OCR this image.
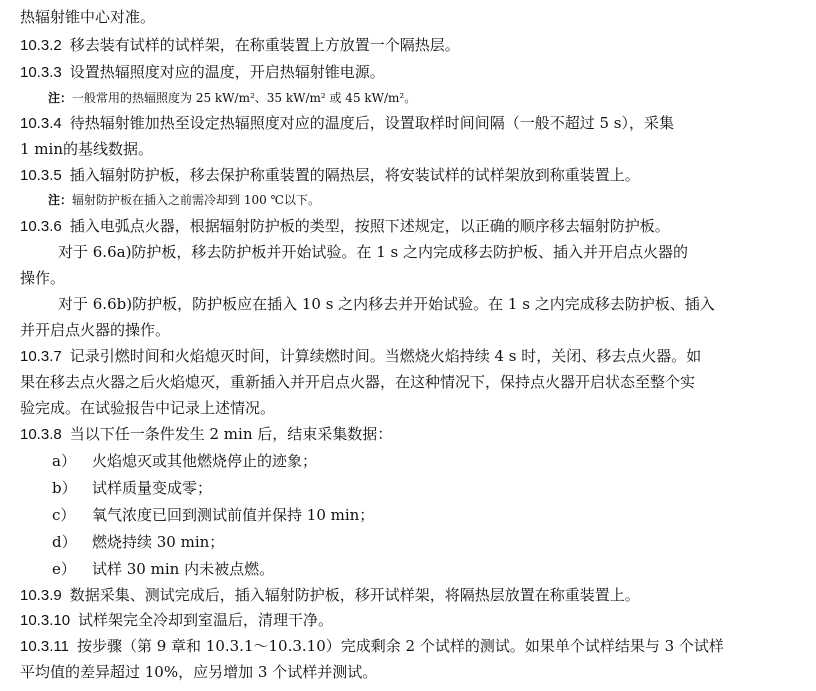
热辐射锥中心对准。
10.3.2 移去装有试样的试样架，在称重装置上方放置一个隔热层。
10.3.3 设置热辐照度对应的温度，开启热辐射锥电源。
注：一般常用的热辐照度为 25 kW/m²、35 kW/m² 或 45 kW/m²。
10.3.4 待热辐射锥加热至设定热辐照度对应的温度后，设置取样时间间隔（一般不超过 5 s），采集
1 min的基线数据。
10.3.5 插入辐射防护板，移去保护称重装置的隔热层，将安装试样的试样架放到称重装置上。
注：辐射防护板在插入之前需冷却到 100 ℃以下。
10.3.6 插入电弧点火器，根据辐射防护板的类型，按照下述规定，以正确的顺序移去辐射防护板。
对于 6.6a)防护板，移去防护板并开始试验。在 1 s 之内完成移去防护板、插入并开启点火器的
操作。
对于 6.6b)防护板，防护板应在插入 10 s 之内移去并开始试验。在 1 s 之内完成移去防护板、插入
并开启点火器的操作。
10.3.7 记录引燃时间和火焰熄灭时间，计算续燃时间。当燃烧火焰持续 4 s 时，关闭、移去点火器。如
果在移去点火器之后火焰熄灭，重新插入并开启点火器，在这种情况下，保持点火器开启状态至整个实
验完成。在试验报告中记录上述情况。
10.3.8 当以下任一条件发生 2 min 后，结束采集数据：
a） 火焰熄灭或其他燃烧停止的迹象；
b） 试样质量变成零；
c） 氧气浓度已回到测试前值并保持 10 min；
d） 燃烧持续 30 min；
e） 试样 30 min 内未被点燃。
10.3.9 数据采集、测试完成后，插入辐射防护板，移开试样架，将隔热层放置在称重装置上。
10.3.10 试样架完全冷却到室温后，清理干净。
10.3.11 按步骤（第 9 章和 10.3.1～10.3.10）完成剩余 2 个试样的测试。如果单个试样结果与 3 个试样
平均值的差异超过 10%，应另增加 3 个试样并测试。
